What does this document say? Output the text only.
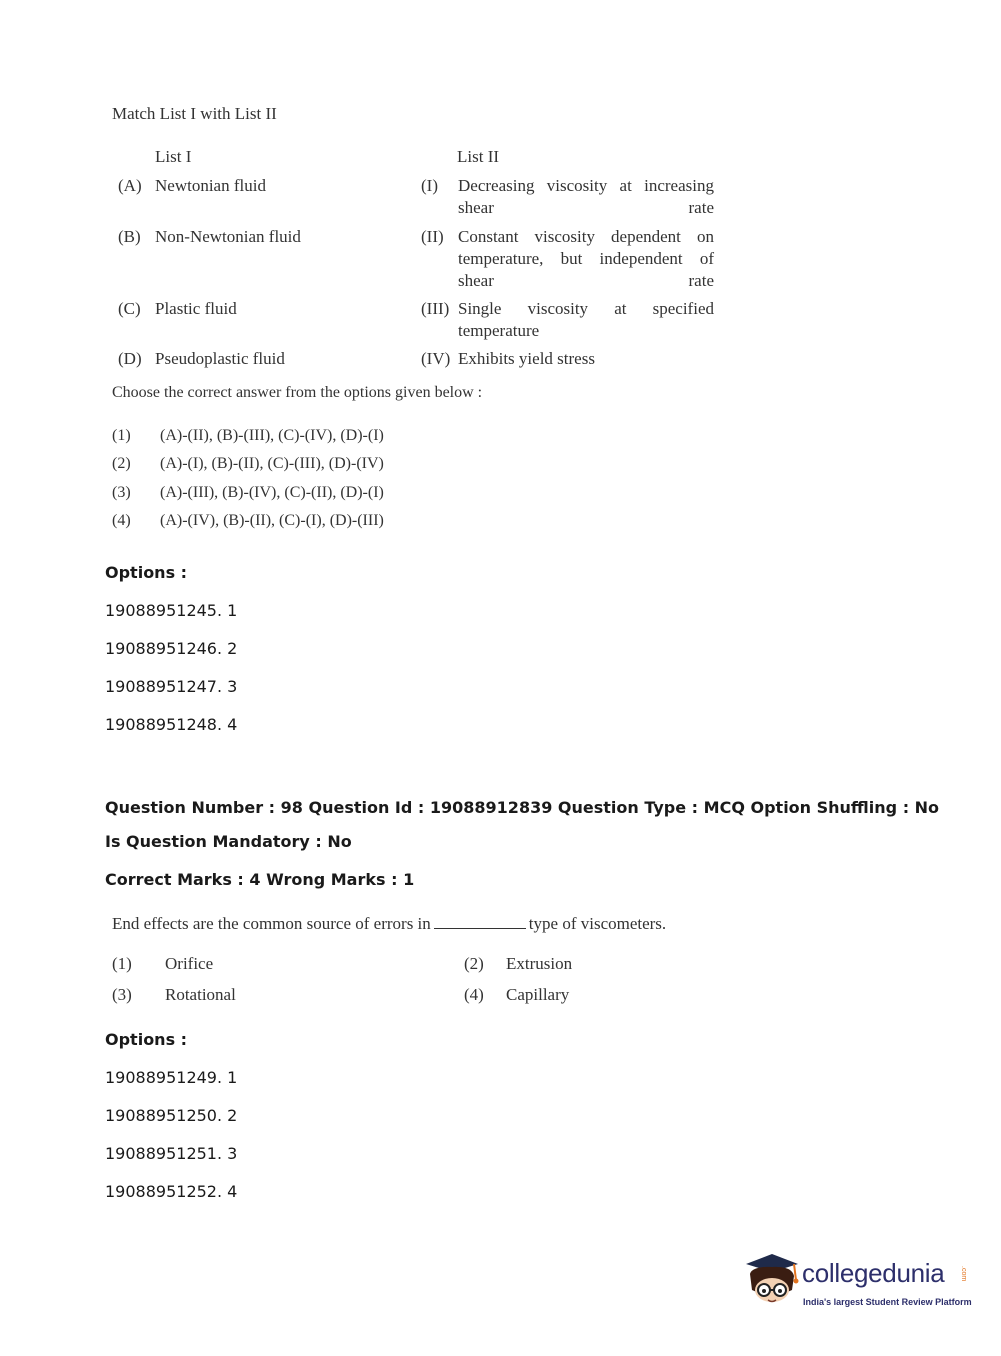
Match List I with List II
List I	List II
(A) Newtonian fluid	(I) Decreasing viscosity at increasing shear rate
(B) Non-Newtonian fluid	(II) Constant viscosity dependent on temperature, but independent of shear rate
(C) Plastic fluid	(III) Single viscosity at specified temperature
(D) Pseudoplastic fluid	(IV) Exhibits yield stress
Choose the correct answer from the options given below :
(1) (A)-(II), (B)-(III), (C)-(IV), (D)-(I)
(2) (A)-(I), (B)-(II), (C)-(III), (D)-(IV)
(3) (A)-(III), (B)-(IV), (C)-(II), (D)-(I)
(4) (A)-(IV), (B)-(II), (C)-(I), (D)-(III)
Options :
19088951245. 1
19088951246. 2
19088951247. 3
19088951248. 4
Question Number : 98 Question Id : 19088912839 Question Type : MCQ Option Shuffling : No
Is Question Mandatory : No
Correct Marks : 4 Wrong Marks : 1
End effects are the common source of errors in	type of viscometers.
(1) Orifice	(2) Extrusion
(3) Rotational	(4) Capillary
Options :
19088951249. 1
19088951250. 2
19088951251. 3
19088951252. 4
collegedunia .com
India's largest Student Review Platform
